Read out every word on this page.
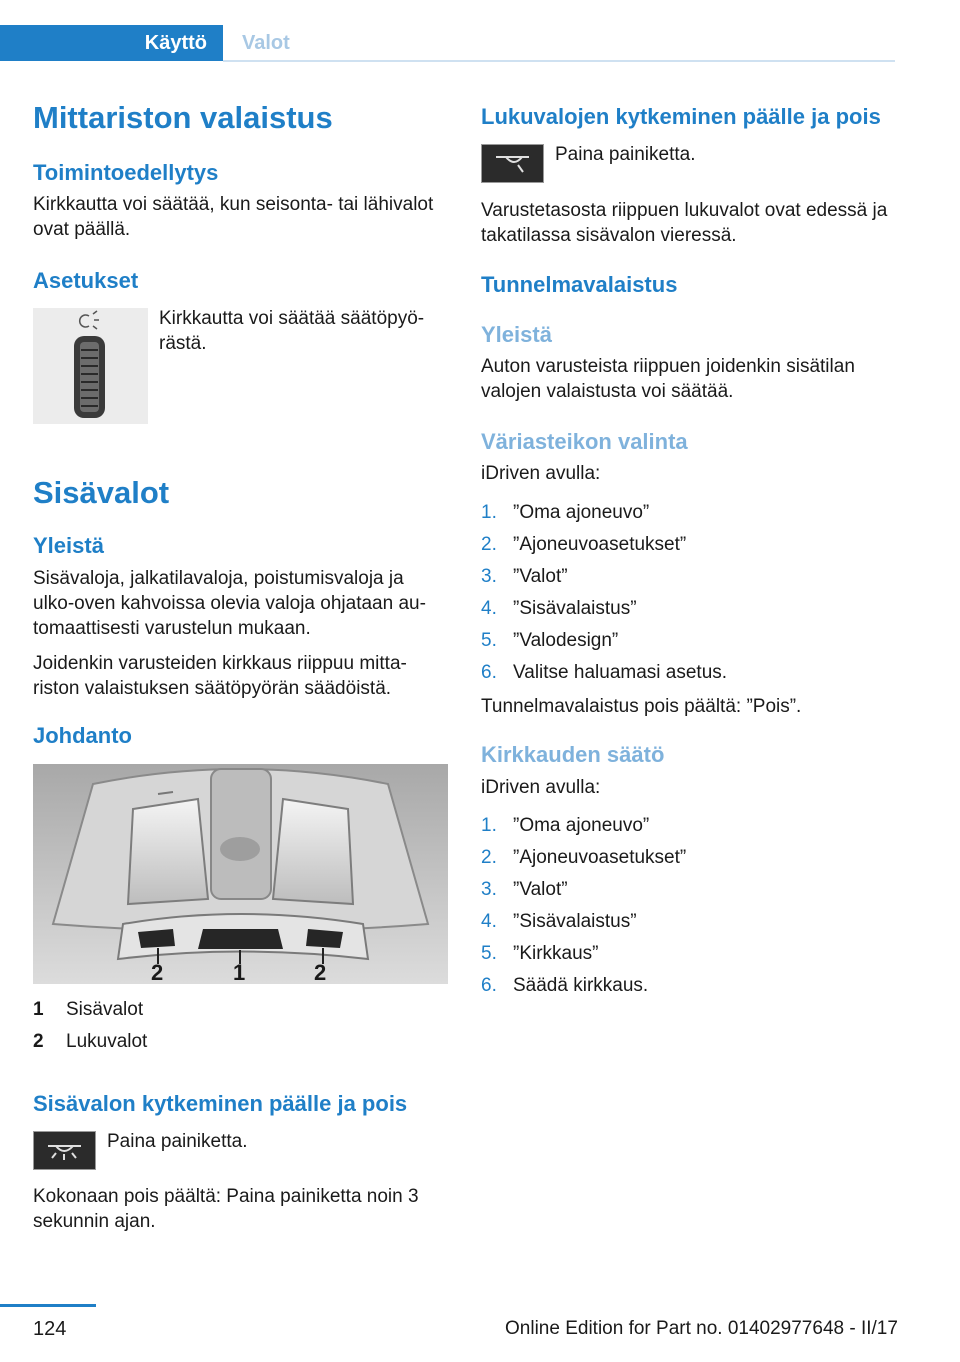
Käyttö Valot
Mittariston valaistus
Toimintoedellytys

Kirkkautta voi säätää, kun seisonta- tai lähivalot ovat päällä.

Asetukset

Kirkkautta voi säätää säätöpyö-rästä.

Sisävalot
Yleistä

Sisävaloja, jalkatilavaloja, poistumisvaloja ja ulko-oven kahvoissa olevia valoja ohjataan au-tomaattisesti varustelun mukaan.

Joidenkin varusteiden kirkkaus riippuu mitta-riston valaistuksen säätöpyörän säädöistä.

Johdanto
2	1	2
1	Sisävalot
2	Lukuvalot
Sisävalon kytkeminen päälle ja pois

Paina painiketta.

Kokonaan pois päältä: Paina painiketta noin 3 sekunnin ajan.

Lukuvalojen kytkeminen päälle ja pois

Paina painiketta.

Varustetasosta riippuen lukuvalot ovat edessä ja takatilassa sisävalon vieressä.

Tunnelmavalaistus
Yleistä

Auton varusteista riippuen joidenkin sisätilan valojen valaistusta voi säätää.

Väriasteikon valinta

iDriven avulla:

1. ”Oma ajoneuvo”
2. ”Ajoneuvoasetukset”
3. ”Valot”
4. ”Sisävalaistus”
5. ”Valodesign”
6. Valitse haluamasi asetus.

Tunnelmavalaistus pois päältä: ”Pois”.

Kirkkauden säätö

iDriven avulla:

1. ”Oma ajoneuvo”
2. ”Ajoneuvoasetukset”
3. ”Valot”
4. ”Sisävalaistus”
5. ”Kirkkaus”
6. Säädä kirkkaus.
124	Online Edition for Part no. 01402977648 - II/17
